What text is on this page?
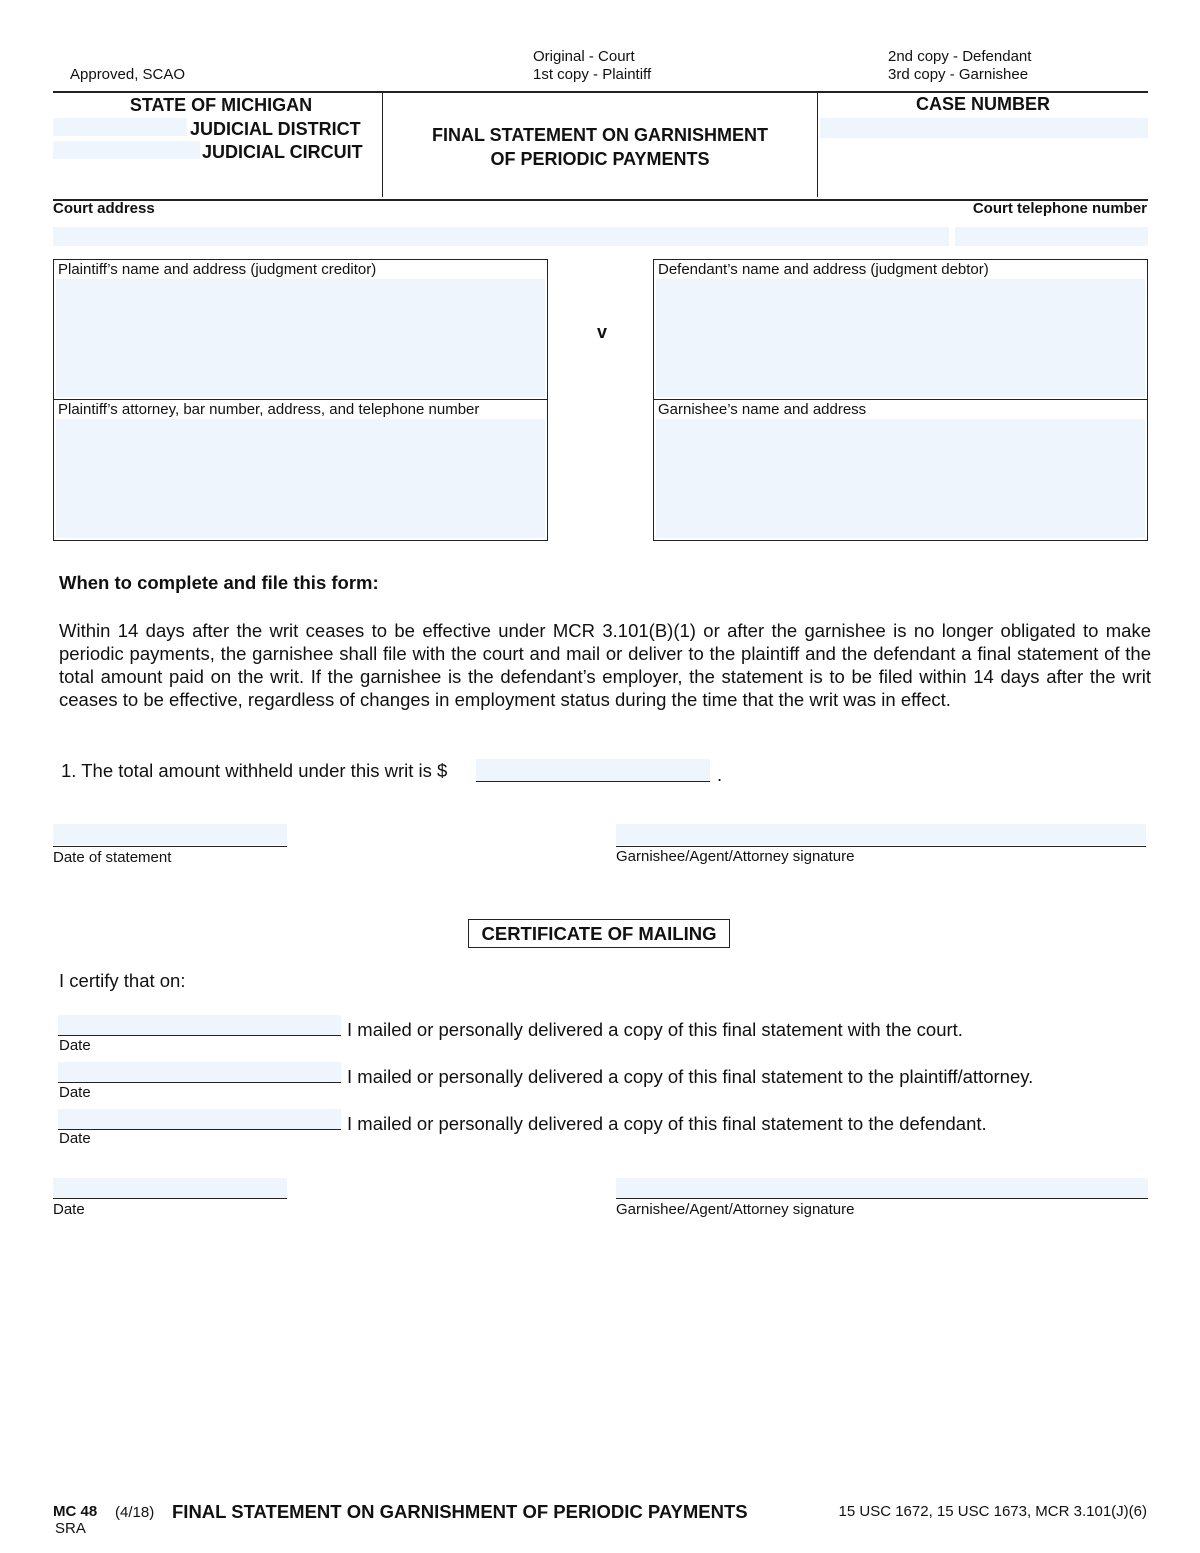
Approved, SCAO
Original - Court
1st copy - Plaintiff
2nd copy - Defendant
3rd copy - Garnishee
STATE OF MICHIGAN
JUDICIAL DISTRICT
JUDICIAL CIRCUIT
FINAL STATEMENT ON GARNISHMENT
OF PERIODIC PAYMENTS
CASE NUMBER
Court address	Court telephone number
Plaintiff’s name and address (judgment creditor)
Plaintiff’s attorney, bar number, address, and telephone number
v
Defendant’s name and address (judgment debtor)
Garnishee’s name and address
When to complete and file this form:
Within 14 days after the writ ceases to be effective under MCR 3.101(B)(1) or after the garnishee is no longer obligated to make periodic payments, the garnishee shall file with the court and mail or deliver to the plaintiff and the defendant a final statement of the total amount paid on the writ. If the garnishee is the defendant’s employer, the statement is to be filed within 14 days after the writ ceases to be effective, regardless of changes in employment status during the time that the writ was in effect.
1. The total amount withheld under this writ is $	.
Date of statement	Garnishee/Agent/Attorney signature
CERTIFICATE OF MAILING
I certify that on:
I mailed or personally delivered a copy of this final statement with the court.
Date
I mailed or personally delivered a copy of this final statement to the plaintiff/attorney.
Date
I mailed or personally delivered a copy of this final statement to the defendant.
Date
Date	Garnishee/Agent/Attorney signature
MC 48 (4/18)
SRA
FINAL STATEMENT ON GARNISHMENT OF PERIODIC PAYMENTS	15 USC 1672, 15 USC 1673, MCR 3.101(J)(6)
